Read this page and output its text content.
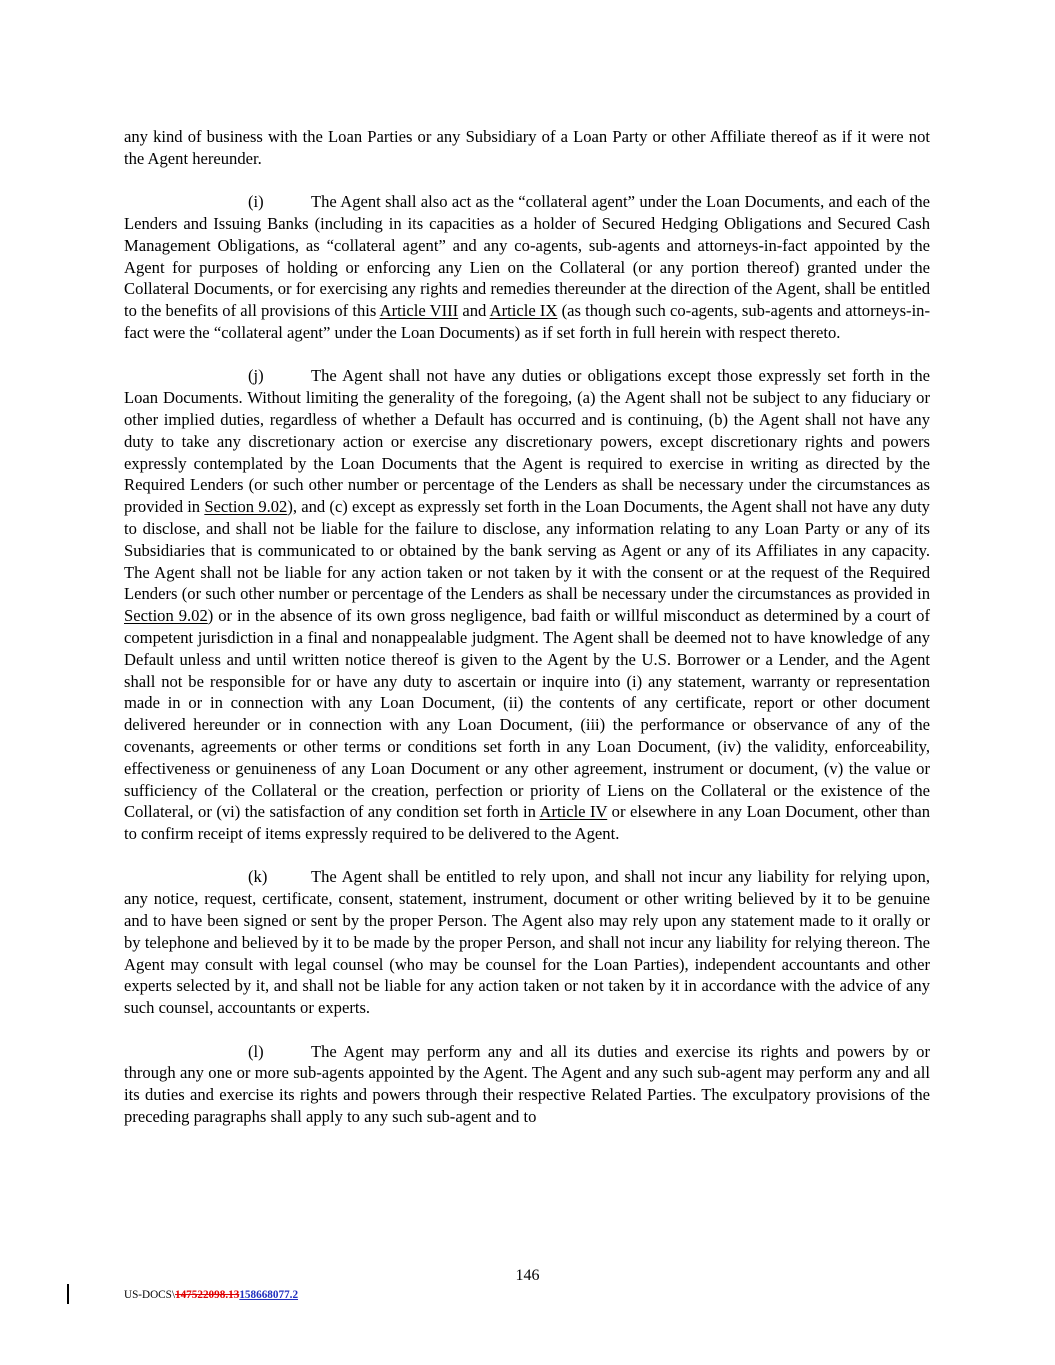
any kind of business with the Loan Parties or any Subsidiary of a Loan Party or other Affiliate thereof as if it were not the Agent hereunder.

(i)	The Agent shall also act as the “collateral agent” under the Loan Documents, and each of the Lenders and Issuing Banks (including in its capacities as a holder of Secured Hedging Obligations and Secured Cash Management Obligations, as “collateral agent” and any co-agents, sub-agents and attorneys-in-fact appointed by the Agent for purposes of holding or enforcing any Lien on the Collateral (or any portion thereof) granted under the Collateral Documents, or for exercising any rights and remedies thereunder at the direction of the Agent, shall be entitled to the benefits of all provisions of this Article VIII and Article IX (as though such co-agents, sub-agents and attorneys-in-fact were the “collateral agent” under the Loan Documents) as if set forth in full herein with respect thereto.

(j)	The Agent shall not have any duties or obligations except those expressly set forth in the Loan Documents. Without limiting the generality of the foregoing, (a) the Agent shall not be subject to any fiduciary or other implied duties, regardless of whether a Default has occurred and is continuing, (b) the Agent shall not have any duty to take any discretionary action or exercise any discretionary powers, except discretionary rights and powers expressly contemplated by the Loan Documents that the Agent is required to exercise in writing as directed by the Required Lenders (or such other number or percentage of the Lenders as shall be necessary under the circumstances as provided in Section 9.02), and (c) except as expressly set forth in the Loan Documents, the Agent shall not have any duty to disclose, and shall not be liable for the failure to disclose, any information relating to any Loan Party or any of its Subsidiaries that is communicated to or obtained by the bank serving as Agent or any of its Affiliates in any capacity. The Agent shall not be liable for any action taken or not taken by it with the consent or at the request of the Required Lenders (or such other number or percentage of the Lenders as shall be necessary under the circumstances as provided in Section 9.02) or in the absence of its own gross negligence, bad faith or willful misconduct as determined by a court of competent jurisdiction in a final and nonappealable judgment. The Agent shall be deemed not to have knowledge of any Default unless and until written notice thereof is given to the Agent by the U.S. Borrower or a Lender, and the Agent shall not be responsible for or have any duty to ascertain or inquire into (i) any statement, warranty or representation made in or in connection with any Loan Document, (ii) the contents of any certificate, report or other document delivered hereunder or in connection with any Loan Document, (iii) the performance or observance of any of the covenants, agreements or other terms or conditions set forth in any Loan Document, (iv) the validity, enforceability, effectiveness or genuineness of any Loan Document or any other agreement, instrument or document, (v) the value or sufficiency of the Collateral or the creation, perfection or priority of Liens on the Collateral or the existence of the Collateral, or (vi) the satisfaction of any condition set forth in Article IV or elsewhere in any Loan Document, other than to confirm receipt of items expressly required to be delivered to the Agent.

(k)	The Agent shall be entitled to rely upon, and shall not incur any liability for relying upon, any notice, request, certificate, consent, statement, instrument, document or other writing believed by it to be genuine and to have been signed or sent by the proper Person. The Agent also may rely upon any statement made to it orally or by telephone and believed by it to be made by the proper Person, and shall not incur any liability for relying thereon. The Agent may consult with legal counsel (who may be counsel for the Loan Parties), independent accountants and other experts selected by it, and shall not be liable for any action taken or not taken by it in accordance with the advice of any such counsel, accountants or experts.

(l)	The Agent may perform any and all its duties and exercise its rights and powers by or through any one or more sub-agents appointed by the Agent. The Agent and any such sub-agent may perform any and all its duties and exercise its rights and powers through their respective Related Parties. The exculpatory provisions of the preceding paragraphs shall apply to any such sub-agent and to

146
US-DOCS\147522098.13158668077.2
